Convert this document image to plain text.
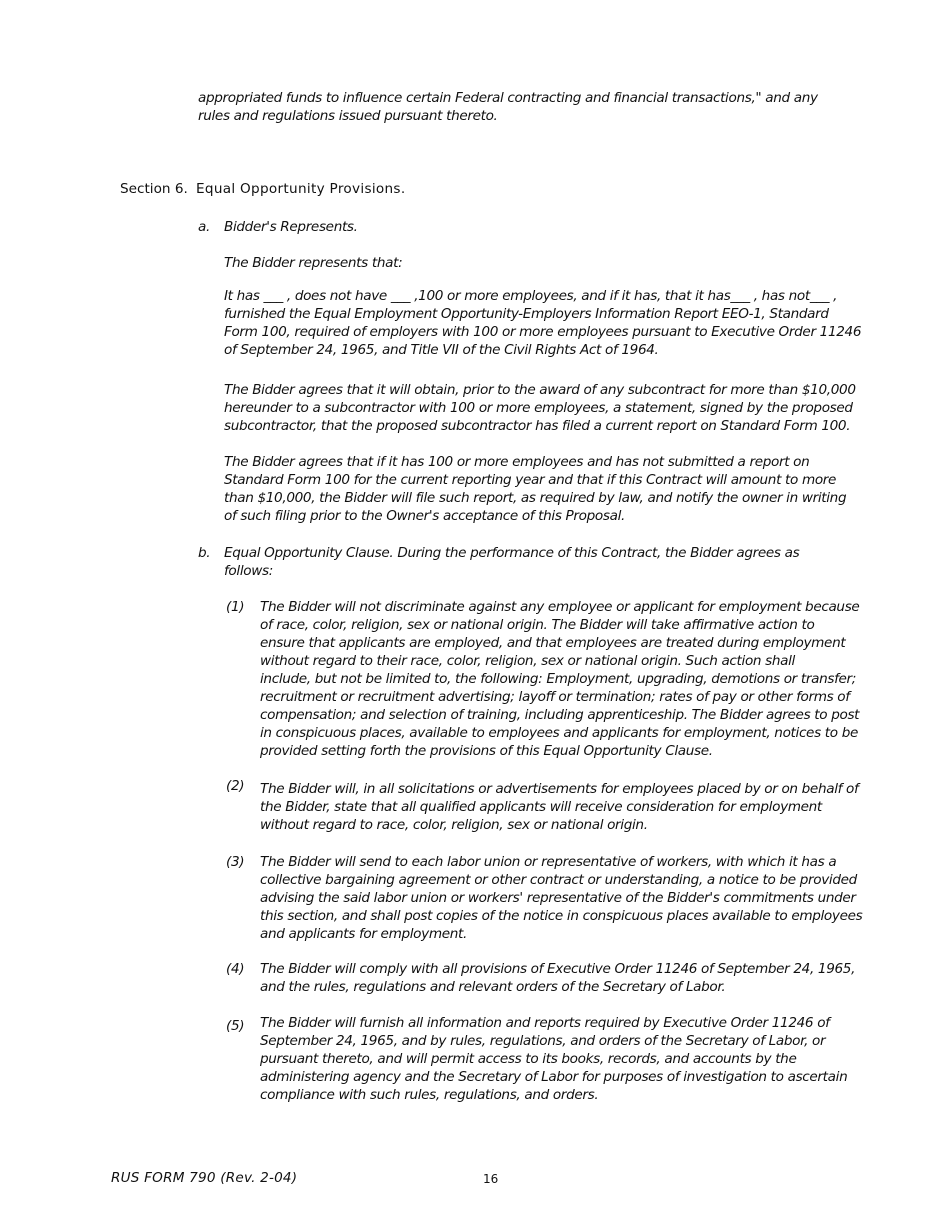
appropriated funds to influence certain Federal contracting and financial transactions," and any
rules and regulations issued pursuant thereto.
Section 6. Equal Opportunity Provisions.
a. Bidder's Represents.
The Bidder represents that:
It has ___ , does not have ___ ,100 or more employees, and if it has, that it has___ , has not___ ,
furnished the Equal Employment Opportunity-Employers Information Report EEO-1, Standard
Form 100, required of employers with 100 or more employees pursuant to Executive Order 11246
of September 24, 1965, and Title VII of the Civil Rights Act of 1964.
The Bidder agrees that it will obtain, prior to the award of any subcontract for more than $10,000
hereunder to a subcontractor with 100 or more employees, a statement, signed by the proposed
subcontractor, that the proposed subcontractor has filed a current report on Standard Form 100.
The Bidder agrees that if it has 100 or more employees and has not submitted a report on
Standard Form 100 for the current reporting year and that if this Contract will amount to more
than $10,000, the Bidder will file such report, as required by law, and notify the owner in writing
of such filing prior to the Owner's acceptance of this Proposal.
b. Equal Opportunity Clause. During the performance of this Contract, the Bidder agrees as
follows:
(1) The Bidder will not discriminate against any employee or applicant for employment because
of race, color, religion, sex or national origin. The Bidder will take affirmative action to
ensure that applicants are employed, and that employees are treated during employment
without regard to their race, color, religion, sex or national origin. Such action shall
include, but not be limited to, the following: Employment, upgrading, demotions or transfer;
recruitment or recruitment advertising; layoff or termination; rates of pay or other forms of
compensation; and selection of training, including apprenticeship. The Bidder agrees to post
in conspicuous places, available to employees and applicants for employment, notices to be
provided setting forth the provisions of this Equal Opportunity Clause.
(2) The Bidder will, in all solicitations or advertisements for employees placed by or on behalf of
the Bidder, state that all qualified applicants will receive consideration for employment
without regard to race, color, religion, sex or national origin.
(3) The Bidder will send to each labor union or representative of workers, with which it has a
collective bargaining agreement or other contract or understanding, a notice to be provided
advising the said labor union or workers' representative of the Bidder's commitments under
this section, and shall post copies of the notice in conspicuous places available to employees
and applicants for employment.
(4) The Bidder will comply with all provisions of Executive Order 11246 of September 24, 1965,
and the rules, regulations and relevant orders of the Secretary of Labor.
(5) The Bidder will furnish all information and reports required by Executive Order 11246 of
September 24, 1965, and by rules, regulations, and orders of the Secretary of Labor, or
pursuant thereto, and will permit access to its books, records, and accounts by the
administering agency and the Secretary of Labor for purposes of investigation to ascertain
compliance with such rules, regulations, and orders.
RUS FORM 790 (Rev. 2-04)	16
